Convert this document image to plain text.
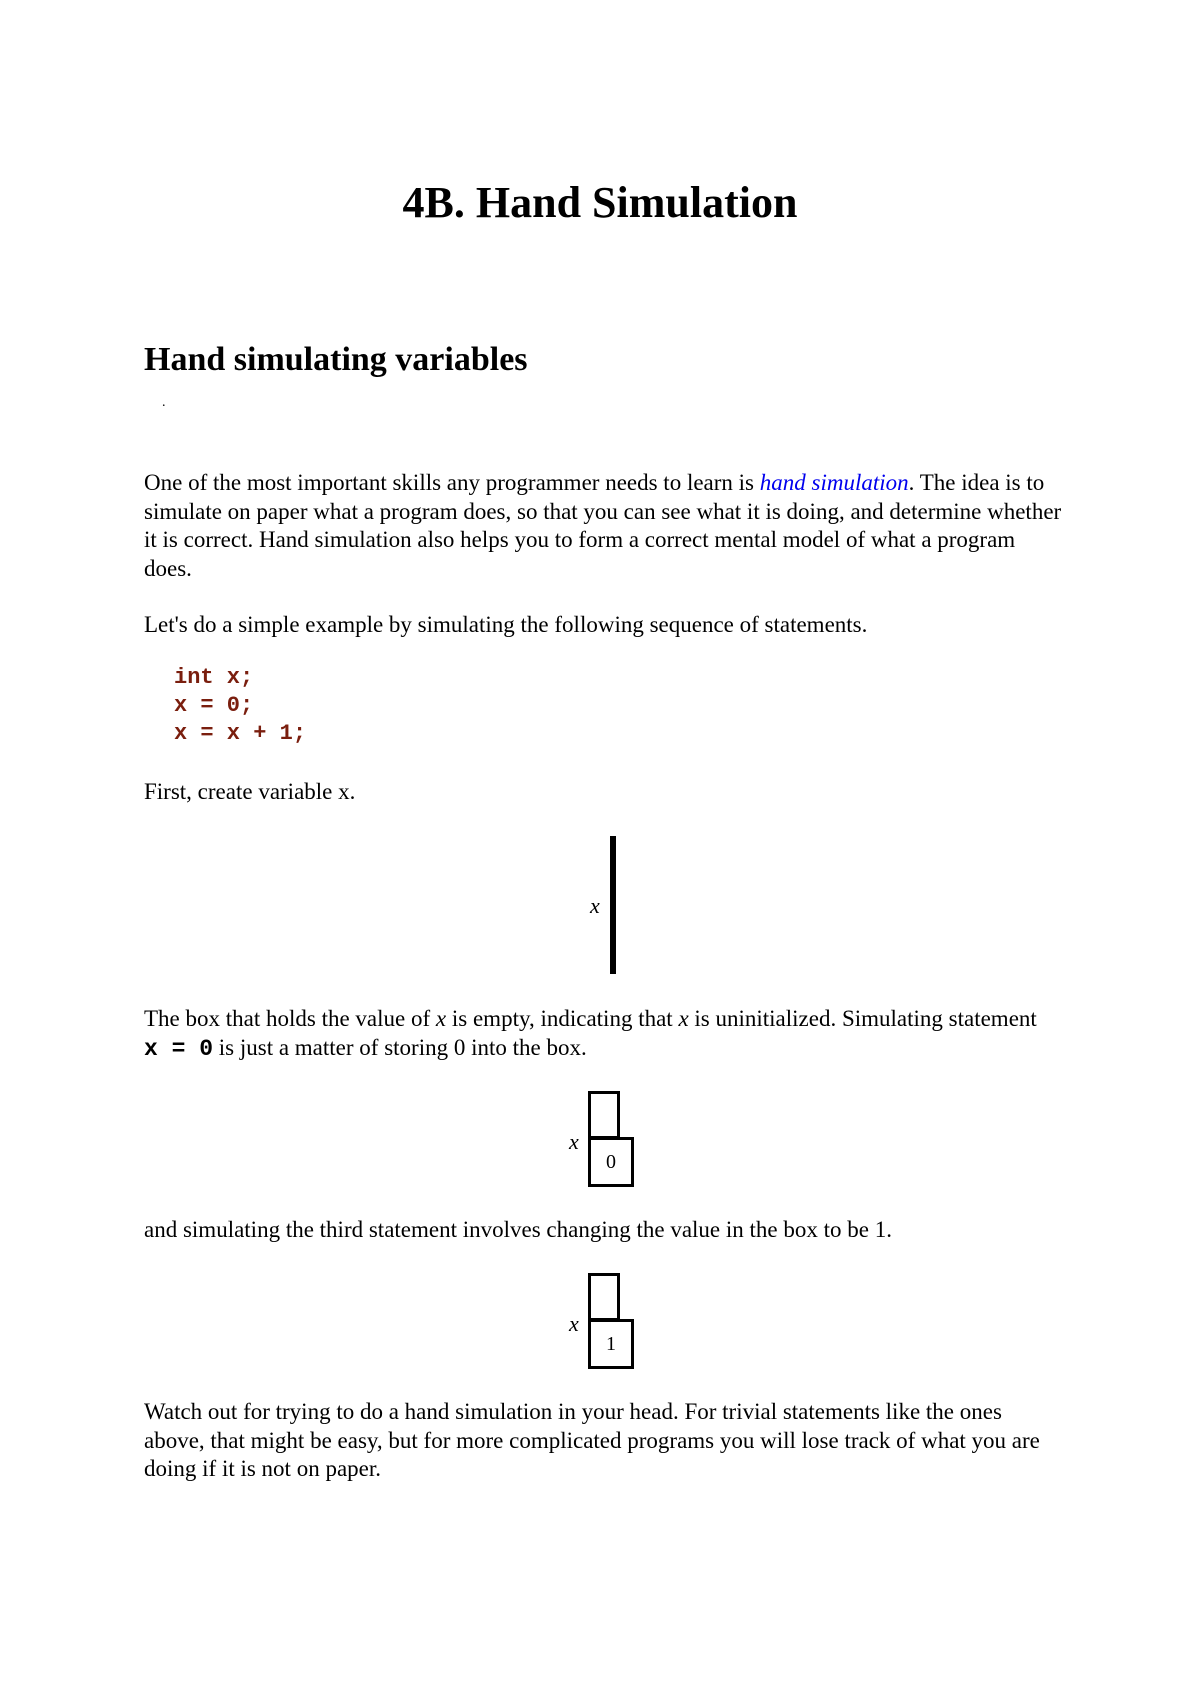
4B. Hand Simulation
Hand simulating variables
.

One of the most important skills any programmer needs to learn is hand simulation. The idea is to simulate on paper what a program does, so that you can see what it is doing, and determine whether it is correct. Hand simulation also helps you to form a correct mental model of what a program does.

Let's do a simple example by simulating the following sequence of statements.

int x;
x = 0;
x = x + 1;

First, create variable x.

x

The box that holds the value of x is empty, indicating that x is uninitialized. Simulating statement x = 0 is just a matter of storing 0 into the box.

x
0

and simulating the third statement involves changing the value in the box to be 1.

x
1

Watch out for trying to do a hand simulation in your head. For trivial statements like the ones above, that might be easy, but for more complicated programs you will lose track of what you are doing if it is not on paper.
